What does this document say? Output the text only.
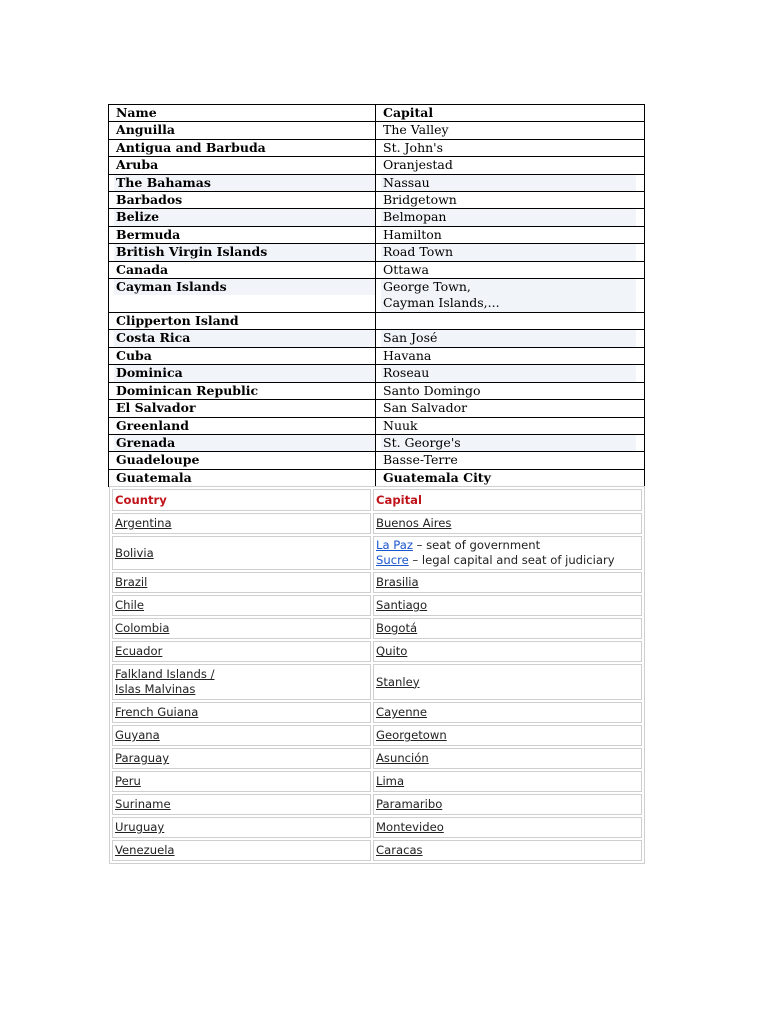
Name	Capital
Anguilla	The Valley
Antigua and Barbuda	St. John's
Aruba	Oranjestad

The Bahamas	Nassau

Barbados	Bridgetown

Belize	Belmopan

Bermuda	Hamilton

British Virgin Islands	Road Town

Canada	Ottawa

Cayman Islands	George Town,
Cayman Islands,...

Clipperton Island	

Costa Rica	San José

Cuba	Havana

Dominica	Roseau

Dominican Republic	Santo Domingo
El Salvador	San Salvador
Greenland	Nuuk

Grenada	St. George's

Guadeloupe	Basse-Terre
Guatemala	Guatemala City
Country	Capital
Argentina	Buenos Aires
Bolivia	La Paz – seat of government
Sucre – legal capital and seat of judiciary

Brazil	Brasilia
Chile	Santiago
Colombia	Bogotá
Ecuador	Quito

Falkland Islands /
Islas Malvinas	Stanley
French Guiana	Cayenne
Guyana	Georgetown
Paraguay	Asunción
Peru	Lima
Suriname	Paramaribo
Uruguay	Montevideo
Venezuela	Caracas
